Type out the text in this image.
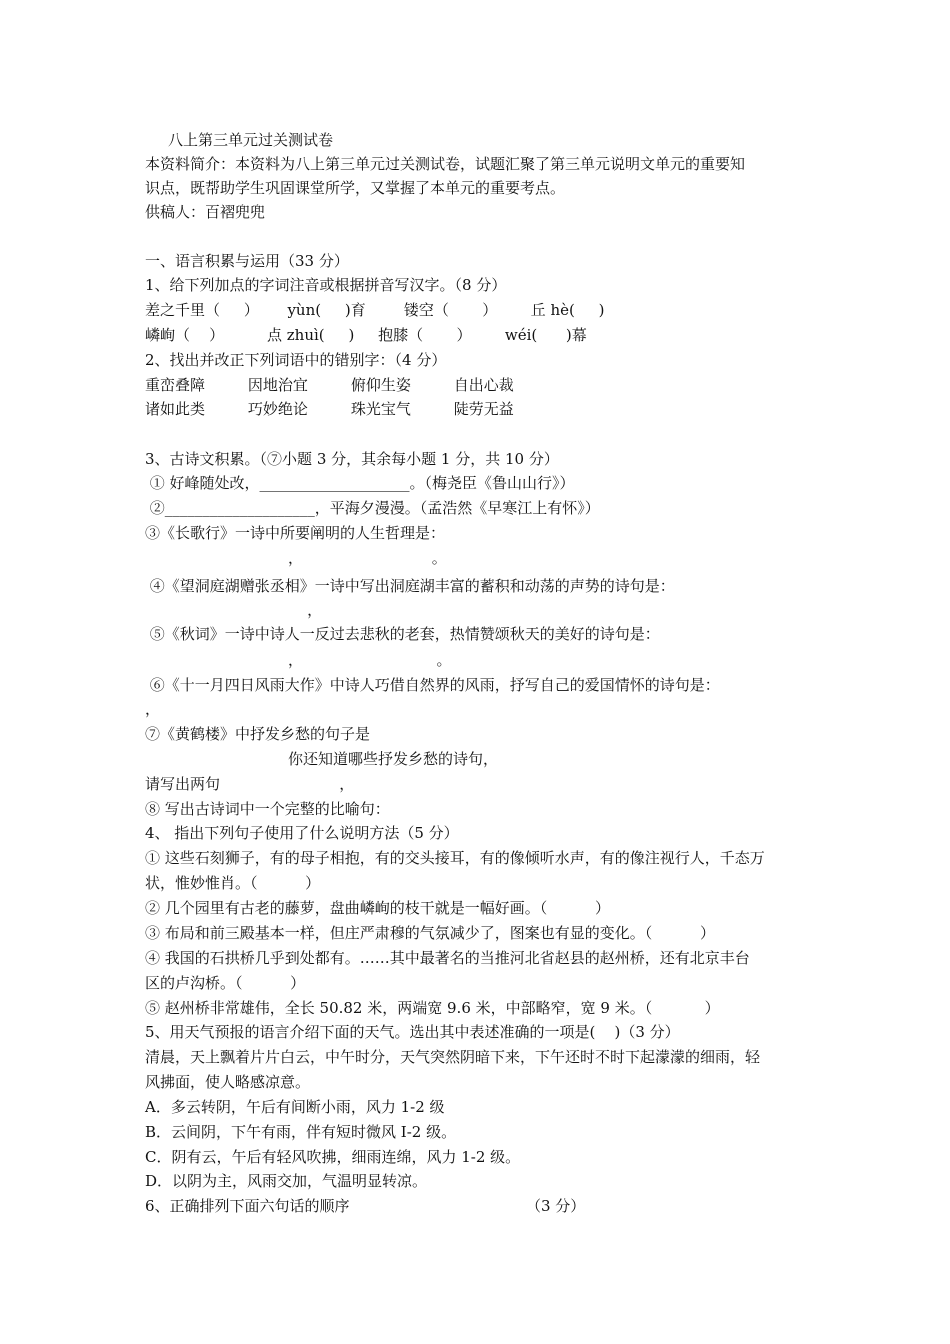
八上第三单元过关测试卷
本资料简介：本资料为八上第三单元过关测试卷，试题汇聚了第三单元说明文单元的重要知
识点，既帮助学生巩固课堂所学，又掌握了本单元的重要考点。
供稿人：百褶兜兜
一、语言积累与运用（33 分）
1、给下列加点的字词注音或根据拼音写汉字。（8 分）
差之千里（     ）      yùn(     )育        镂空（       ）       丘 hè(     )
嶙峋（    ）         点 zhuì(     )     抱膝（       ）       wéi(      )幕
2、找出并改正下列词语中的错别字：（4 分）
重峦叠障         因地治宜         俯仰生姿         自出心裁
诸如此类         巧妙绝论         珠光宝气         陡劳无益
3、古诗文积累。（⑦小题 3 分，其余每小题 1 分，共 10 分）
① 好峰随处改，____________________。（梅尧臣《鲁山山行》）
②____________________，平海夕漫漫。（孟浩然《早寒江上有怀》）
③《长歌行》一诗中所要阐明的人生哲理是：
，                           。
④《望洞庭湖赠张丞相》一诗中写出洞庭湖丰富的蓄积和动荡的声势的诗句是：
，
⑤《秋词》一诗中诗人一反过去悲秋的老套，热情赞颂秋天的美好的诗句是：
，                            。
⑥《十一月四日风雨大作》中诗人巧借自然界的风雨，抒写自己的爱国情怀的诗句是：
，
⑦《黄鹤楼》中抒发乡愁的句子是
你还知道哪些抒发乡愁的诗句，
请写出两句                         ，
⑧ 写出古诗词中一个完整的比喻句：
4、 指出下列句子使用了什么说明方法（5 分）
① 这些石刻狮子，有的母子相抱，有的交头接耳，有的像倾听水声，有的像注视行人，千态万
状，惟妙惟肖。（          ）
② 几个园里有古老的藤萝，盘曲嶙峋的枝干就是一幅好画。（          ）
③ 布局和前三殿基本一样，但庄严肃穆的气氛减少了，图案也有显的变化。（          ）
④ 我国的石拱桥几乎到处都有。……其中最著名的当推河北省赵县的赵州桥，还有北京丰台
区的卢沟桥。（          ）
⑤ 赵州桥非常雄伟，全长 50.82 米，两端宽 9.6 米，中部略窄，宽 9 米。（           ）
5、用天气预报的语言介绍下面的天气。选出其中表述准确的一项是(    )（3 分）
清晨，天上飘着片片白云，中午时分，天气突然阴暗下来，下午还时不时下起濛濛的细雨，轻
风拂面，使人略感凉意。
A．多云转阴，午后有间断小雨，风力 1-2 级
B．云间阴，下午有雨，伴有短时微风 I-2 级。
C．阴有云，午后有轻风吹拂，细雨连绵，风力 1-2 级。
D．以阴为主，风雨交加，气温明显转凉。
6、正确排列下面六句话的顺序                                     （3 分）
